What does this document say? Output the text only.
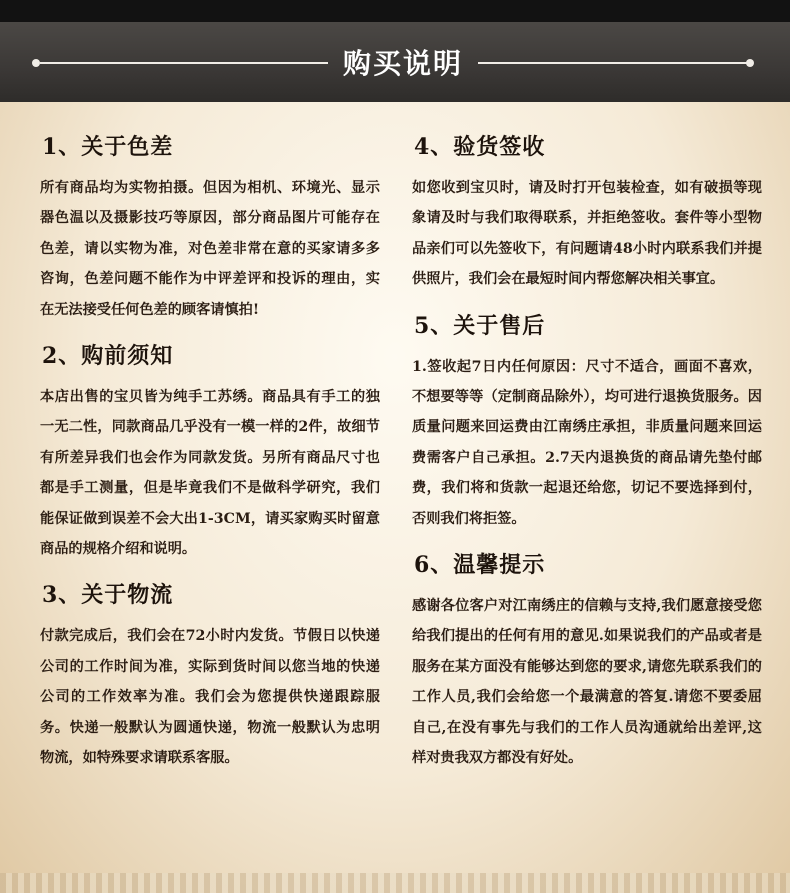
购买说明
1、关于色差

所有商品均为实物拍摄。但因为相机、环境光、显示器色温以及摄影技巧等原因，部分商品图片可能存在色差，请以实物为准，对色差非常在意的买家请多多咨询，色差问题不能作为中评差评和投诉的理由，实在无法接受任何色差的顾客请慎拍!

2、购前须知

本店出售的宝贝皆为纯手工苏绣。商品具有手工的独一无二性，同款商品几乎没有一模一样的2件，故细节有所差异我们也会作为同款发货。另所有商品尺寸也都是手工测量，但是毕竟我们不是做科学研究，我们能保证做到误差不会大出1-3CM，请买家购买时留意商品的规格介绍和说明。

3、关于物流

付款完成后，我们会在72小时内发货。节假日以快递公司的工作时间为准，实际到货时间以您当地的快递公司的工作效率为准。我们会为您提供快递跟踪服务。快递一般默认为圆通快递，物流一般默认为忠明物流，如特殊要求请联系客服。

4、验货签收

如您收到宝贝时，请及时打开包装检查，如有破损等现象请及时与我们取得联系，并拒绝签收。套件等小型物品亲们可以先签收下，有问题请48小时内联系我们并提供照片，我们会在最短时间内帮您解决相关事宜。

5、关于售后

1.签收起7日内任何原因：尺寸不适合，画面不喜欢，不想要等等（定制商品除外），均可进行退换货服务。因质量问题来回运费由江南绣庄承担，非质量问题来回运费需客户自己承担。2.7天内退换货的商品请先垫付邮费，我们将和货款一起退还给您，切记不要选择到付，否则我们将拒签。

6、温馨提示

感谢各位客户对江南绣庄的信赖与支持,我们愿意接受您给我们提出的任何有用的意见.如果说我们的产品或者是服务在某方面没有能够达到您的要求,请您先联系我们的工作人员,我们会给您一个最满意的答复.请您不要委屈自己,在没有事先与我们的工作人员沟通就给出差评,这样对贵我双方都没有好处。
